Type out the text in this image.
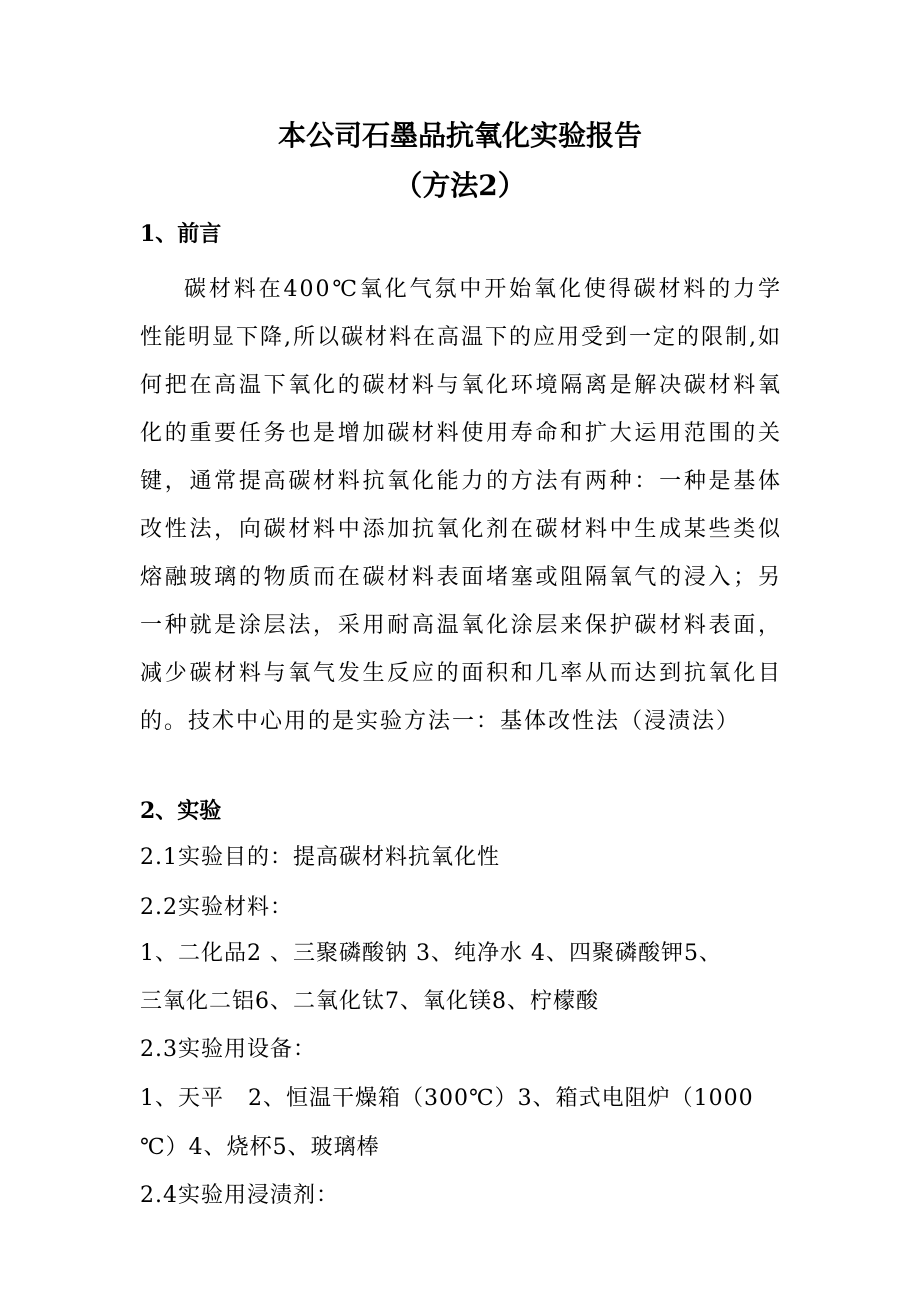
本公司石墨品抗氧化实验报告
（方法2）
1、前言

碳材料在400℃氧化气氛中开始氧化使得碳材料的力学性能明显下降,所以碳材料在高温下的应用受到一定的限制,如何把在高温下氧化的碳材料与氧化环境隔离是解决碳材料氧化的重要任务也是增加碳材料使用寿命和扩大运用范围的关键，通常提高碳材料抗氧化能力的方法有两种：一种是基体改性法，向碳材料中添加抗氧化剂在碳材料中生成某些类似熔融玻璃的物质而在碳材料表面堵塞或阻隔氧气的浸入；另一种就是涂层法，采用耐高温氧化涂层来保护碳材料表面，减少碳材料与氧气发生反应的面积和几率从而达到抗氧化目的。技术中心用的是实验方法一：基体改性法（浸渍法）

2、实验
2.1实验目的：提高碳材料抗氧化性
2.2实验材料：
1、二化品2 、三聚磷酸钠 3、纯净水 4、四聚磷酸钾5、
三氧化二铝6、二氧化钛7、氧化镁8、柠檬酸
2.3实验用设备：
1、天平   2、恒温干燥箱（300℃）3、箱式电阻炉（1000
℃）4、烧杯5、玻璃棒
2.4实验用浸渍剂：
